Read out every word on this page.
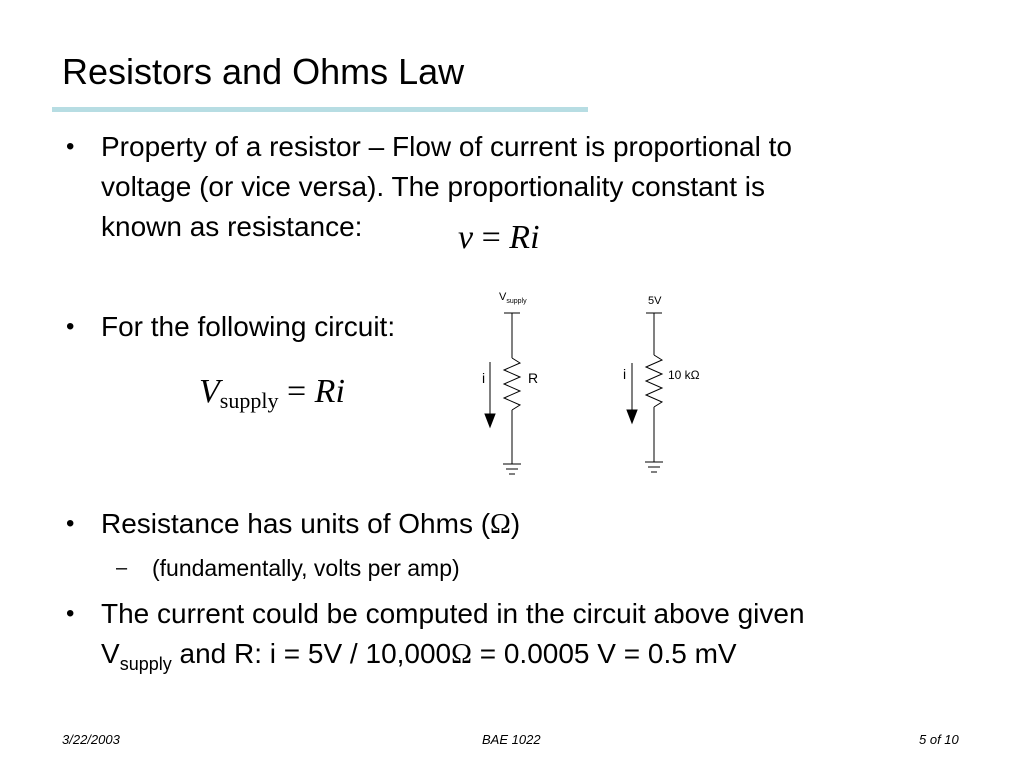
Resistors and Ohms Law
• Property of a resistor – Flow of current is proportional to
voltage (or vice versa). The proportionality constant is
known as resistance:	v = Ri
• For the following circuit:
$V_{supply} = Ri$
$V_{supply}$
i	R
5V
i	10 kΩ
• Resistance has units of Ohms (Ω)
– (fundamentally, volts per amp)
• The current could be computed in the circuit above given
$V_{supply}$ and R: i = 5V / 10,000Ω = 0.0005 V = 0.5 mV
3/22/2003	BAE 1022	5 of 10
